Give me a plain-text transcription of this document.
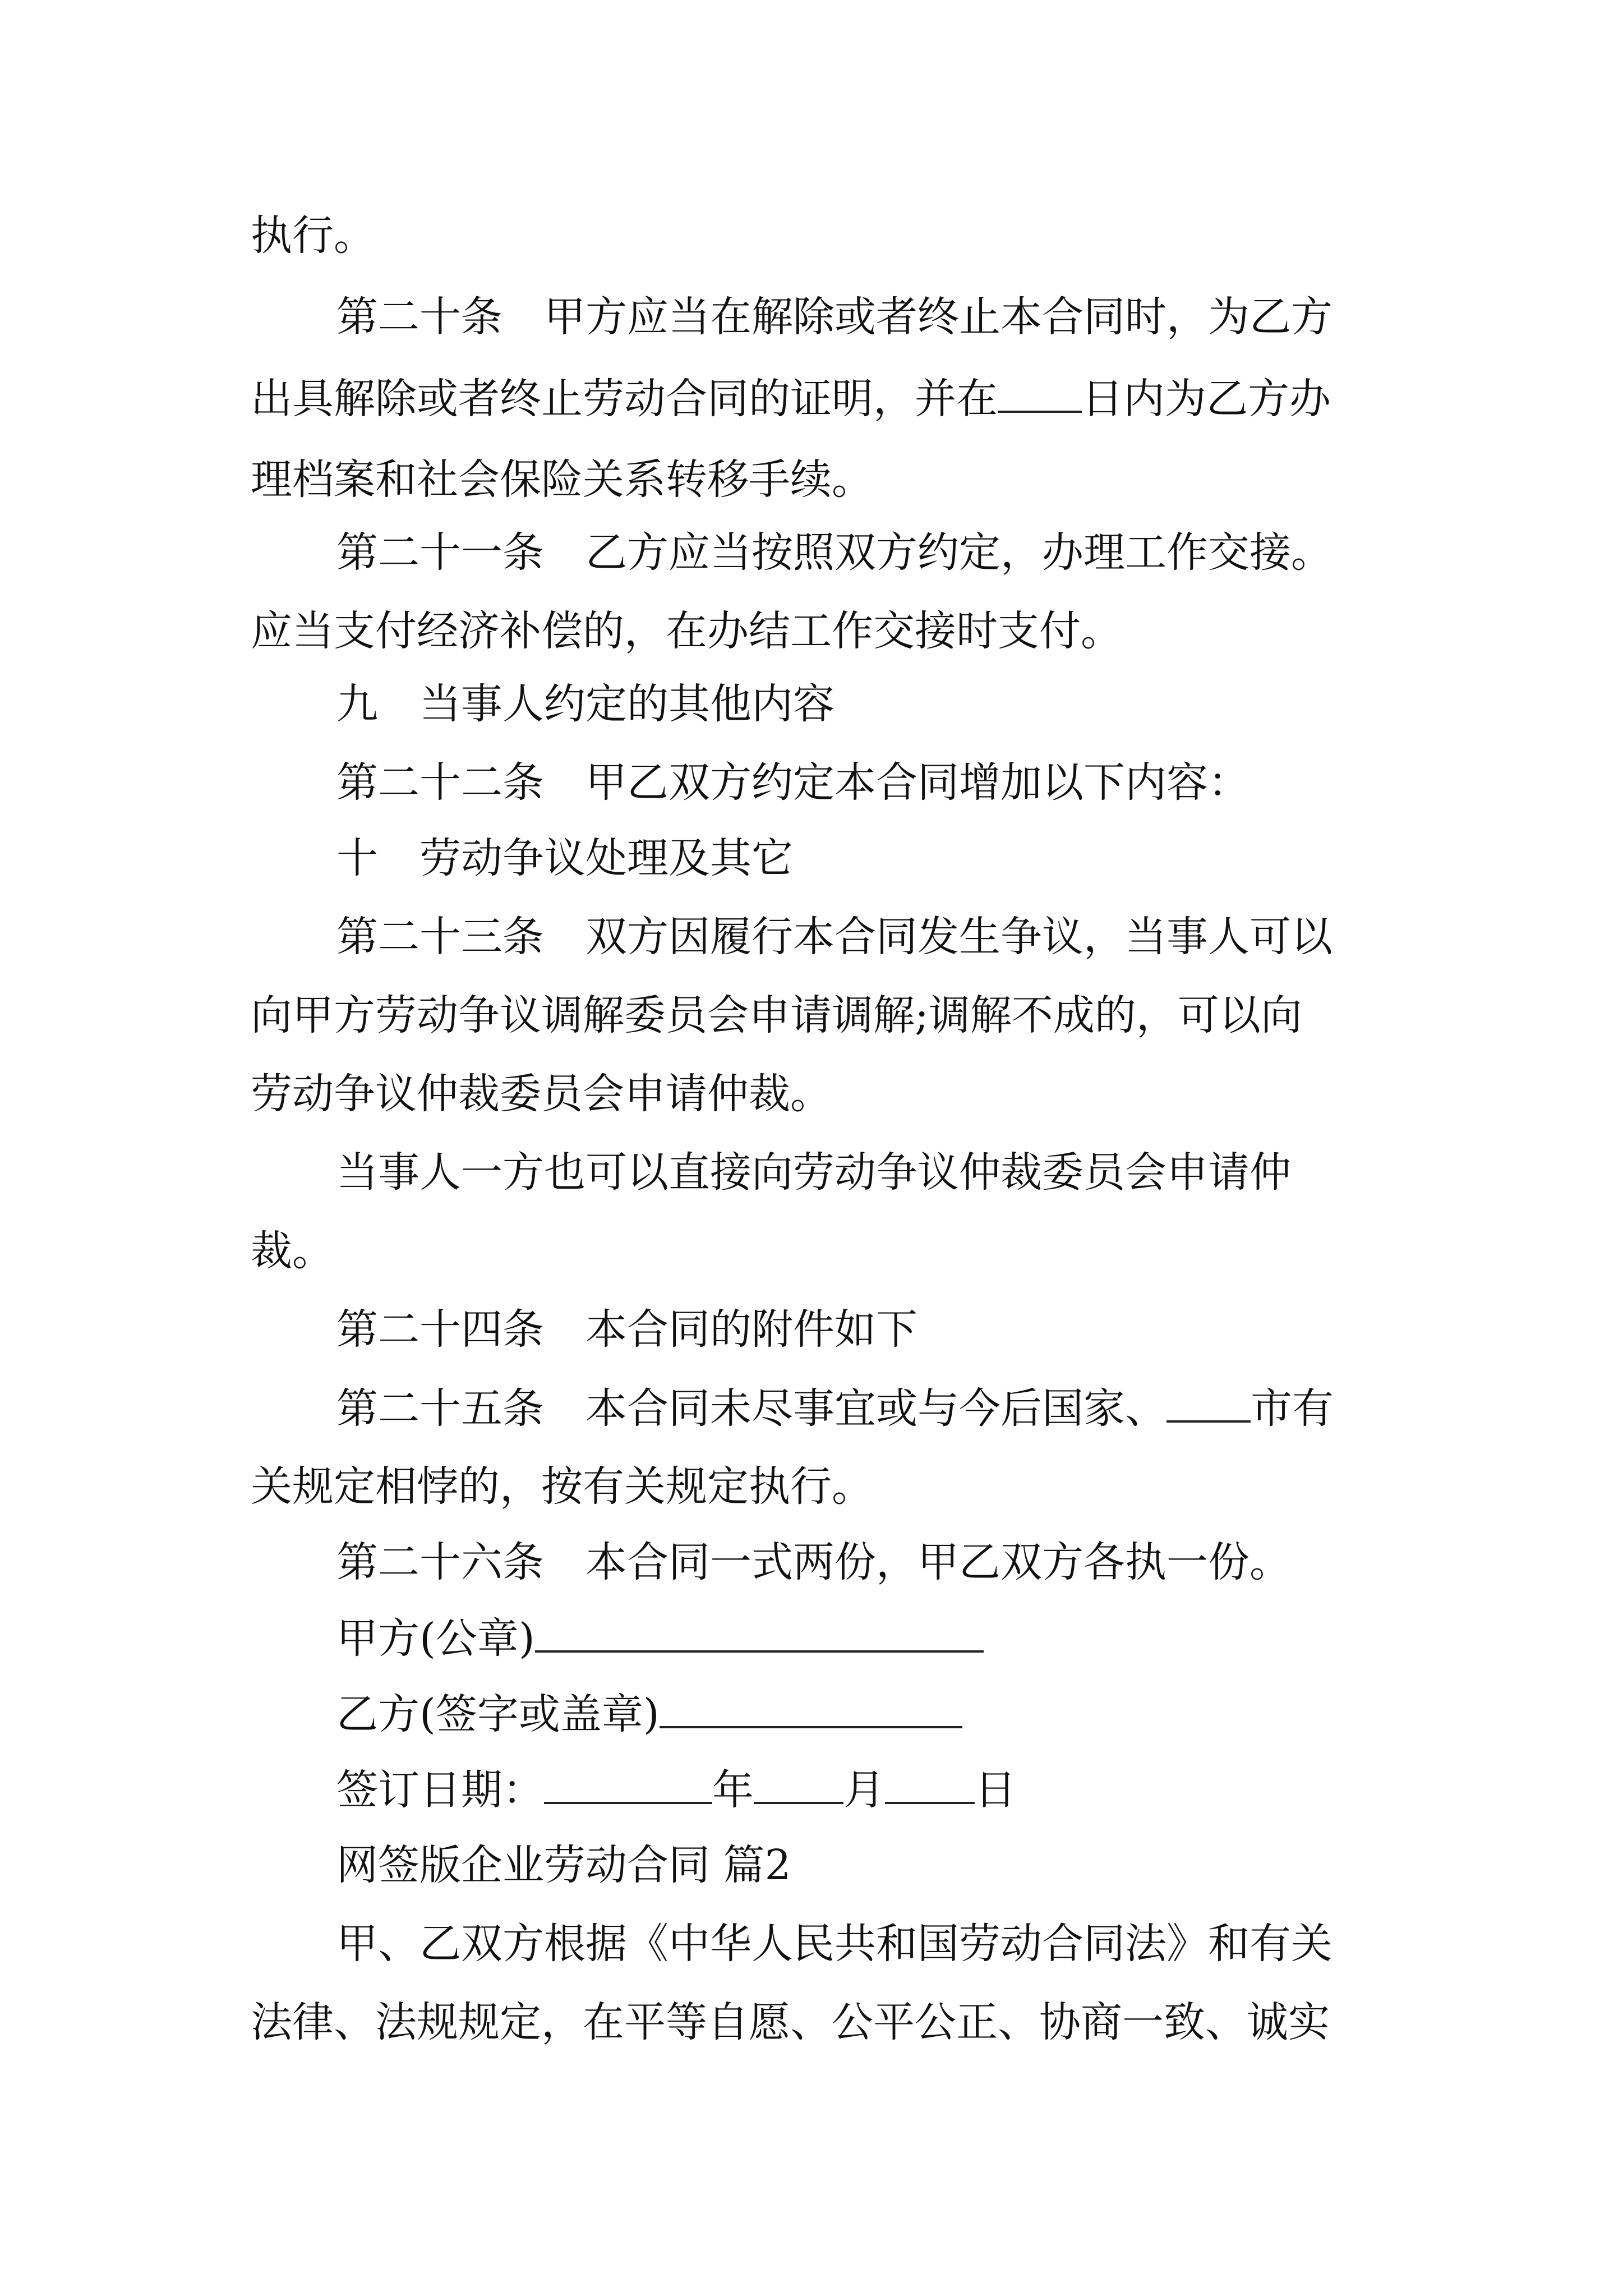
执行。

第二十条　甲方应当在解除或者终止本合同时，为乙方

出具解除或者终止劳动合同的证明，并在 日内为乙方办

理档案和社会保险关系转移手续。

第二十一条　乙方应当按照双方约定，办理工作交接。

应当支付经济补偿的，在办结工作交接时支付。

九　当事人约定的其他内容

第二十二条　甲乙双方约定本合同增加以下内容：

十　劳动争议处理及其它

第二十三条　双方因履行本合同发生争议，当事人可以

向甲方劳动争议调解委员会申请调解;调解不成的，可以向

劳动争议仲裁委员会申请仲裁。

当事人一方也可以直接向劳动争议仲裁委员会申请仲

裁。

第二十四条　本合同的附件如下

第二十五条　本合同未尽事宜或与今后国家、 市有

关规定相悖的，按有关规定执行。

第二十六条　本合同一式两份，甲乙双方各执一份。

甲方(公章)

乙方(签字或盖章)

签订日期：	年 月 日

网签版企业劳动合同 篇2

甲、乙双方根据《中华人民共和国劳动合同法》和有关

法律、法规规定，在平等自愿、公平公正、协商一致、诚实
